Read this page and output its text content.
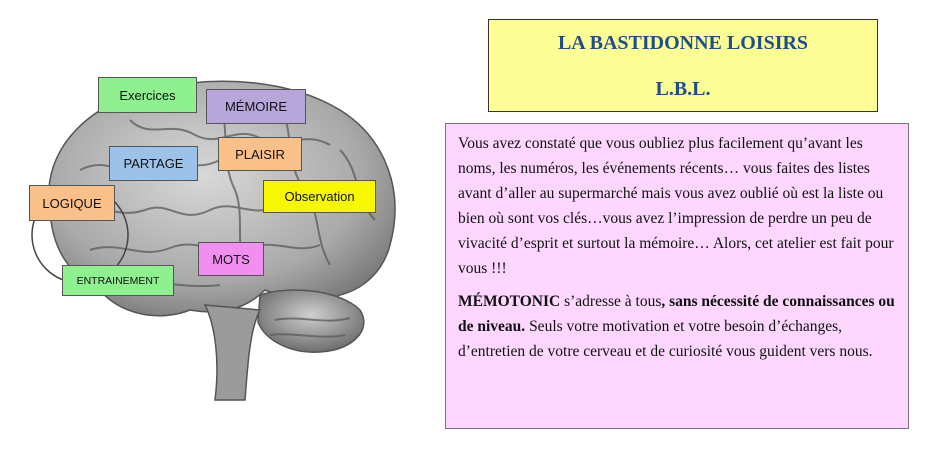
Exercices
MÉMOIRE
PARTAGE
PLAISIR
LOGIQUE	Observation
MOTS
ENTRAINEMENT
LA BASTIDONNE LOISIRS
L.B.L.

Vous avez constaté que vous oubliez plus facilement qu’avant les noms, les numéros, les événements récents… vous faites des listes avant d’aller au supermarché mais vous avez oublié où est la liste ou bien où sont vos clés…vous avez l’impression de perdre un peu de vivacité d’esprit et surtout la mémoire… Alors, cet atelier est fait pour vous !!!

MÉMOTONIC s’adresse à tous, sans nécessité de connaissances ou de niveau. Seuls votre motivation et votre besoin d’échanges, d’entretien de votre cerveau et de curiosité vous guident vers nous.
